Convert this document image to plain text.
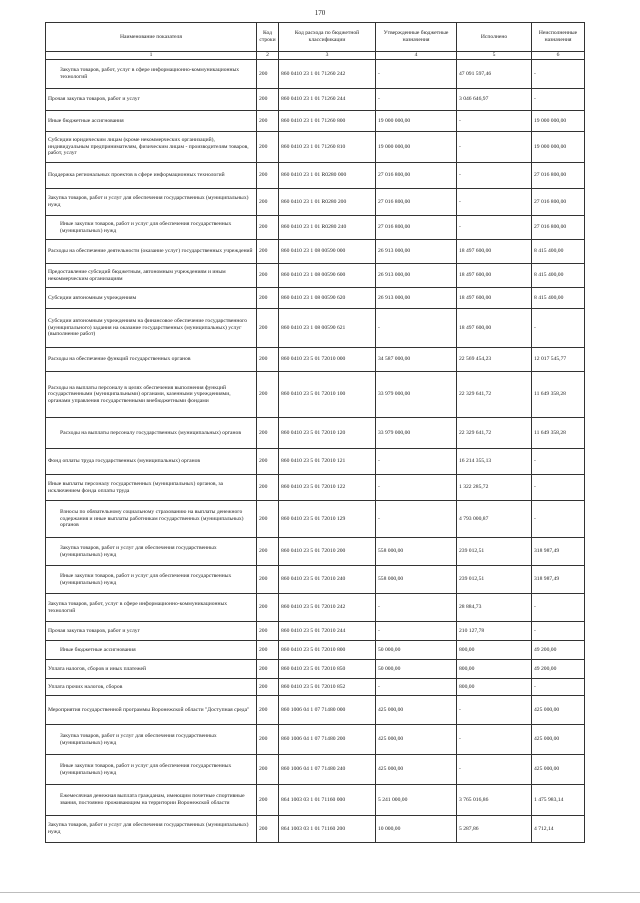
170
Наименование показателя	Код строки	Код расхода по бюджетной классификации	Утвержденные бюджетные назначения	Исполнено	Неисполненные назначения
1	2	3	4	5	6
Закупка товаров, работ, услуг в сфере информационно-коммуникационных технологий	200	860 0410 23 1 01 71260 242	-	47 091 597,46	-
Прочая закупка товаров, работ и услуг	200	860 0410 23 1 01 71260 244	-	3 046 646,97	-
Иные бюджетные ассигнования	200	860 0410 23 1 01 71260 800	19 000 000,00	-	19 000 000,00
Субсидии юридическим лицам (кроме некоммерческих организаций), индивидуальным предпринимателям, физическим лицам - производителям товаров, работ, услуг	200	860 0410 23 1 01 71260 810	19 000 000,00	-	19 000 000,00
Поддержка региональных проектов в сфере информационных технологий	200	860 0410 23 1 01 R0280 000	27 016 800,00	-	27 016 800,00
Закупка товаров, работ и услуг для обеспечения государственных (муниципальных) нужд	200	860 0410 23 1 01 R0280 200	27 016 800,00	-	27 016 800,00
Иные закупки товаров, работ и услуг для обеспечения государственных (муниципальных) нужд	200	860 0410 23 1 01 R0280 240	27 016 800,00	-	27 016 800,00
Расходы на обеспечение деятельности (оказание услуг) государственных учреждений	200	860 0410 23 1 08 00590 000	26 913 000,00	18 497 600,00	8 415 400,00
Предоставление субсидий бюджетным, автономным учреждениям и иным некоммерческим организациям	200	860 0410 23 1 08 00590 600	26 913 000,00	18 497 600,00	8 415 400,00
Субсидии автономным учреждениям	200	860 0410 23 1 08 00590 620	26 913 000,00	18 497 600,00	8 415 400,00
Субсидии автономным учреждениям на финансовое обеспечение государственного (муниципального) задания на оказание государственных (муниципальных) услуг (выполнение работ)	200	860 0410 23 1 08 00590 621	-	18 497 600,00	-
Расходы на обеспечение функций государственных органов	200	860 0410 23 5 01 72010 000	34 587 000,00	22 569 454,23	12 017 545,77
Расходы на выплаты персоналу в целях обеспечения выполнения функций государственными (муниципальными) органами, казенными учреждениями, органами управления государственными внебюджетными фондами	200	860 0410 23 5 01 72010 100	33 979 000,00	22 329 641,72	11 649 358,28
Расходы на выплаты персоналу государственных (муниципальных) органов	200	860 0410 23 5 01 72010 120	33 979 000,00	22 329 641,72	11 649 358,28
Фонд оплаты труда государственных (муниципальных) органов	200	860 0410 23 5 01 72010 121	-	16 214 355,13	-
Иные выплаты персоналу государственных (муниципальных) органов, за исключением фонда оплаты труда	200	860 0410 23 5 01 72010 122	-	1 322 285,72	-
Взносы по обязательному социальному страхованию на выплаты денежного содержания и иные выплаты работникам государственных (муниципальных) органов	200	860 0410 23 5 01 72010 129	-	4 793 000,87	-
Закупка товаров, работ и услуг для обеспечения государственных (муниципальных) нужд	200	860 0410 23 5 01 72010 200	558 000,00	239 012,51	318 987,49
Иные закупки товаров, работ и услуг для обеспечения государственных (муниципальных) нужд	200	860 0410 23 5 01 72010 240	558 000,00	239 012,51	318 987,49
Закупка товаров, работ, услуг в сфере информационно-коммуникационных технологий	200	860 0410 23 5 01 72010 242	-	28 884,73	-
Прочая закупка товаров, работ и услуг	200	860 0410 23 5 01 72010 244	-	210 127,78	-
Иные бюджетные ассигнования	200	860 0410 23 5 01 72010 800	50 000,00	800,00	49 200,00
Уплата налогов, сборов и иных платежей	200	860 0410 23 5 01 72010 850	50 000,00	800,00	49 200,00
Уплата прочих налогов, сборов	200	860 0410 23 5 01 72010 852	-	800,00	-
Мероприятия государственной программы Воронежской области "Доступная среда"	200	860 1006 04 1 07 71480 000	425 000,00	-	425 000,00
Закупка товаров, работ и услуг для обеспечения государственных (муниципальных) нужд	200	860 1006 04 1 07 71480 200	425 000,00	-	425 000,00
Иные закупки товаров, работ и услуг для обеспечения государственных (муниципальных) нужд	200	860 1006 04 1 07 71480 240	425 000,00	-	425 000,00
Ежемесячная денежная выплата гражданам, имеющим почетные спортивные звания, постоянно проживающим на территории Воронежской области	200	864 1003 03 1 01 71160 000	5 241 000,00	3 765 016,86	1 475 983,14
Закупка товаров, работ и услуг для обеспечения государственных (муниципальных) нужд	200	864 1003 03 1 01 71160 200	10 000,00	5 287,86	4 712,14
